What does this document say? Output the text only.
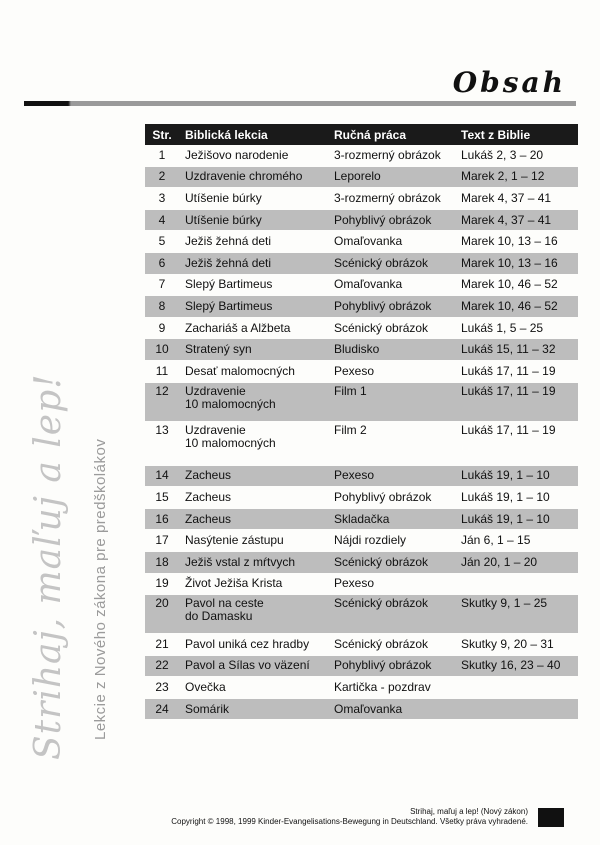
Obsah
Strihaj, maľuj a lep! Lekcie z Nového zákona pre predškolákov
Str.	Biblická lekcia	Ručná práca	Text z Biblie
1	Ježišovo narodenie	3-rozmerný obrázok	Lukáš 2, 3 – 20
2	Uzdravenie chromého	Leporelo	Marek 2, 1 – 12
3	Utíšenie búrky	3-rozmerný obrázok	Marek 4, 37 – 41
4	Utíšenie búrky	Pohyblivý obrázok	Marek 4, 37 – 41
5	Ježiš žehná deti	Omaľovanka	Marek 10, 13 – 16
6	Ježiš žehná deti	Scénický obrázok	Marek 10, 13 – 16
7	Slepý Bartimeus	Omaľovanka	Marek 10, 46 – 52
8	Slepý Bartimeus	Pohyblivý obrázok	Marek 10, 46 – 52
9	Zachariáš a Alžbeta	Scénický obrázok	Lukáš 1, 5 – 25
10	Stratený syn	Bludisko	Lukáš 15, 11 – 32
11	Desať malomocných	Pexeso	Lukáš 17, 11 – 19
12	Uzdravenie
10 malomocných	Film 1	Lukáš 17, 11 – 19
13	Uzdravenie
10 malomocných	Film 2	Lukáš 17, 11 – 19
14	Zacheus	Pexeso	Lukáš 19, 1 – 10
15	Zacheus	Pohyblivý obrázok	Lukáš 19, 1 – 10
16	Zacheus	Skladačka	Lukáš 19, 1 – 10
17	Nasýtenie zástupu	Nájdi rozdiely	Ján 6, 1 – 15
18	Ježiš vstal z mŕtvych	Scénický obrázok	Ján 20, 1 – 20
19	Život Ježiša Krista	Pexeso	
20	Pavol na ceste
do Damasku	Scénický obrázok	Skutky 9, 1 – 25
21	Pavol uniká cez hradby	Scénický obrázok	Skutky 9, 20 – 31
22	Pavol a Sílas vo väzení	Pohyblivý obrázok	Skutky 16, 23 – 40
23	Ovečka	Kartička - pozdrav	
24	Somárik	Omaľovanka	
Strihaj, maľuj a lep! (Nový zákon)
Copyright © 1998, 1999 Kinder-Evangelisations-Bewegung in Deutschland. Všetky práva vyhradené.
